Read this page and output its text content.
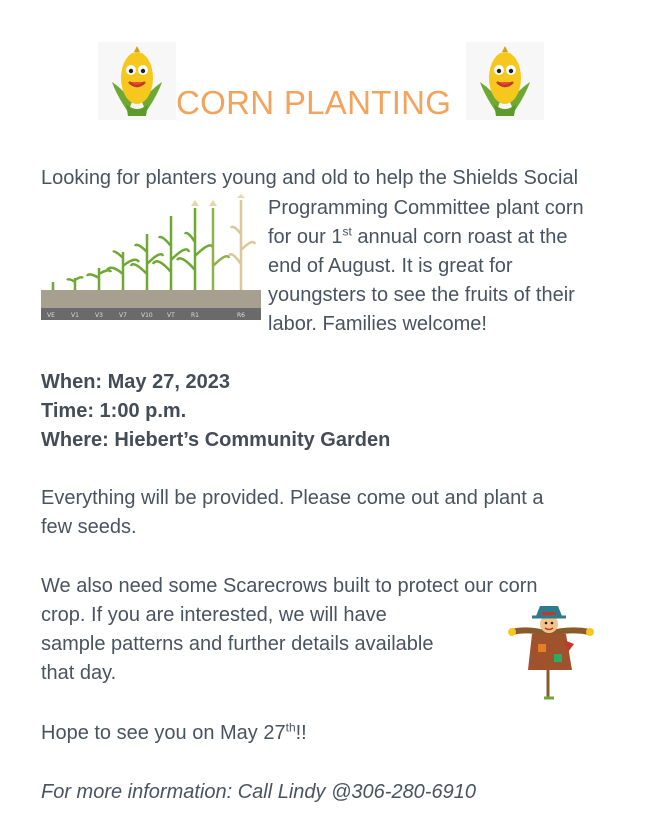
CORN PLANTING
Looking for planters young and old to help the Shields Social
VE	V1	V3	V7 V10 VT	R1	R6
Programming Committee plant corn
for our 1st annual corn roast at the
end of August. It is great for
youngsters to see the fruits of their
labor. Families welcome!
When: May 27, 2023
Time: 1:00 p.m.
Where: Hiebert’s Community Garden
Everything will be provided. Please come out and plant a
few seeds.
We also need some Scarecrows built to protect our corn
crop. If you are interested, we will have
sample patterns and further details available
that day.
Hope to see you on May 27th!!
For more information: Call Lindy @306-280-6910
